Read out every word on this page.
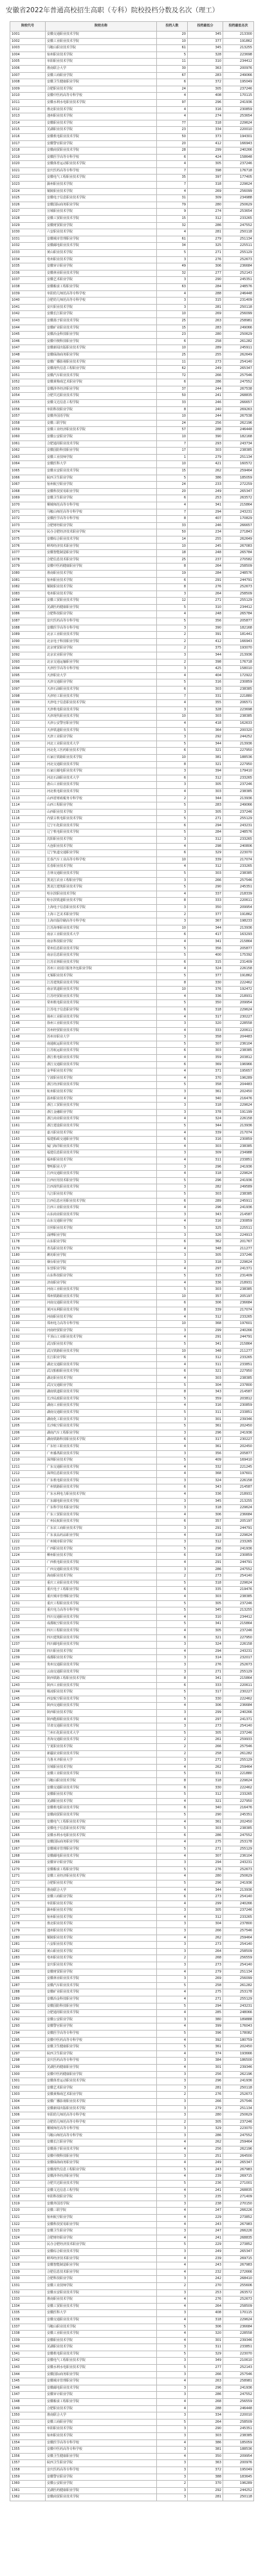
安徽省2022年普通高校招生高职（专科）院校投档分数及名次（理工）
院校代号	院校名称	投档人数	投档最低分	投档最低名次
1001	安徽交通职业技术学院	20	345	213300
1002	安徽工业职业技术学院	10	377	191862
1003	马鞍山职业技术学院	61	345	213255
1004	宿州职业技术学院	5	328	223698
1005	阜阳职业技术学院	11	310	234412
1006	淮南联合大学	30	363	200976
1007	安徽工商职业学院	67	283	249066
1008	安徽卫生健康职业学院	6	372	195049
1009	合肥职业技术学院	24	305	237246
1010	安徽中医药高等专科学校	4	408	170115
1011	安徽水利水电职业技术学院	97	296	241936
1012	淮北职业技术学院	4	316	230859
1013	池州职业技术学院	4	274	253654
1014	安徽职业技术学院	77	318	229624
1015	芜湖职业技术学院	23	334	220010
1016	安徽机电职业技术学院	50	373	194301
1017	安徽警官职业学院	20	412	166943
1018	安徽商贸职业技术学院	28	299	240266
1019	安徽医学高等专科学校	6	424	158648
1020	安徽体育运动职业技术学院	4	305	237246
1021	安庆医药高等专科学校	7	398	176718
1022	安徽电气工程职业技术学院	35	397	177405
1023	滁州职业技术学院	7	318	229624
1024	铜陵职业技术学院	4	269	256099
1025	安徽电子信息职业技术学院	31	309	234988
1026	安徽国际商务职业学院	79	280	250629
1027	宣城职业技术学院	9	274	253654
1028	安徽工贸职业技术学院	15	312	233265
1029	安徽财贸职业学院	32	286	247552
1030	六安职业技术学院	4	281	250118
1031	安徽城市管理职业学院	61	279	251134
1032	安徽邮电职业技术学院	34	325	225511
1033	黄山职业技术学院	5	271	255129
1034	亳州职业技术学院	3	276	252673
1035	安徽审计职业学院	49	306	236684
1036	安徽林业职业技术学院	32	277	252143
1037	安徽艺术职业学院	3	290	245351
1038	安徽粮食工程职业学院	63	284	248576
1039	阜阳幼儿师范高等专科学校	4	288	246448
1040	合肥幼儿师范高等专科学校	3	315	231409
1041	安庆职业技术学院	3	281	250118
1042	安徽长江职业学院	10	269	256099
1043	安徽扬子职业技术学院	25	263	258981
1044	安徽矿业职业技术学院	15	283	249066
1045	安徽冶金科技职业学院	23	280	250629
1046	安徽中澳科技职业学院	6	258	261282
1047	安徽新闻出版职业技术学院	10	289	245911
1048	安徽绿海商务职业学院	25	255	262649
1049	安徽广播影视职业技术学院	11	273	254140
1050	安徽现代信息工程职业学院	62	249	265347
1051	安徽汽车职业技术学院	72	266	257546
1052	安徽黄梅戏艺术职业学院	6	286	247552
1053	安徽涉外经济职业学院	37	244	267538
1054	合肥共达职业技术学院	50	241	268835
1055	安徽文达信息工程学院	33	246	266657
1056	阜阳科技职业学院	8	240	269263
1057	安徽外国语学院	10	244	267538
1058	安徽三联学院	24	256	262196
1059	安徽工业经济职业技术学院	57	288	246448
1060	安徽公安职业学院	10	390	182168
1061	合肥通用职业技术学院	7	293	243734
1062	安徽国防科技职业学院	17	303	238385
1063	安徽工业技师学院	1	279	251134
1064	安徽医科大学	10	421	160572
1065	安徽水安职业技术学院	15	262	259464
1066	皖西卫生职业学院	5	386	185059
1067	宿州航空职业学院	24	233	272259
1068	安徽科技贸易职业学院	20	249	265347
1069	安徽卫生职业学院	6	253	263572
1070	桐城师范高等专科学校	4	341	215864
1071	马鞍山师范高等专科学校	7	294	243231
1072	安徽医学高等专科学校	8	407	170829
1073	合肥财经职业学院	33	246	266657
1074	民办合肥经济技术职业学院	50	234	271843
1075	安徽综合职业技术学院	14	255	262649
1076	蚌埠经济技术职业学院	10	245	267083
1077	安徽智能制造职业学院	18	248	265784
1078	合肥信息技术职业学院	25	237	270582
1079	安徽中医药健康职业学院	8	264	258509
1080	淮南职业技术学院	19	284	248576
1081	宿州职业技术学院	6	291	244791
1082	铜陵职业技术学院	8	276	252673
1083	亳州职业技术学院	3	264	258509
1084	安徽工贸职业技术学院	12	271	255129
1085	芜湖医药健康职业学院	5	310	234412
1086	合肥科技职业学院	4	248	265784
1087	安庆医药高等专科学校	5	356	205877
1088	安徽医学高等专科学校	3	390	182168
1089	北京工业职业技术学院	2	391	181441
1090	北京电子科技职业学院	2	412	166943
1091	北京财贸职业学院	2	375	193070
1092	北京农业职业学院	3	344	213936
1093	北京交通运输职业学院	2	398	176718
1094	天津医学高等专科学校	3	425	158010
1095	天津职业大学	4	404	172922
1096	天津交通职业学院	5	316	230859
1097	天津石油职业技术学院	6	303	238385
1098	天津轻工职业技术学院	7	331	221880
1099	天津电子信息职业技术学院	4	355	206571
1100	天津机电职业技术学院	3	328	223698
1101	天津现代职业技术学院	10	303	238385
1102	天津公安警官职业学院	4	418	162633
1103	天津铁道职业技术学院	5	364	200320
1104	天津工业职业学院	3	292	244252
1105	河北工业职业技术大学	5	344	213936
1106	河北化工医药职业技术学院	6	321	227950
1107	石家庄铁路职业技术学院	10	381	188536
1108	河北交通职业技术学院	8	321	227950
1109	石家庄邮电职业技术学院	3	394	179410
1110	河北石油职业技术大学	6	312	233265
1111	唐山工业职业技术学院	3	305	237246
1112	河北机电职业技术学院	4	303	238385
1113	山西省财政税务专科学校	2	344	213936
1114	山西工程职业学院	5	283	249066
1115	山西职业技术学院	3	305	237246
1116	内蒙古机电职业技术学院	5	271	255129
1117	辽宁石化职业技术学院	6	294	243231
1118	辽宁机电职业技术学院	5	284	248576
1119	沈阳职业技术学院	3	312	233265
1120	大连职业技术学院	4	298	240806
1121	辽宁轨道交通职业学院	6	329	223070
1122	长春汽车工业高等专科学校	10	339	217074
1123	长春职业技术学院	4	312	233265
1124	吉林交通职业技术学院	5	303	238385
1125	黑龙江农业工程职业学院	3	266	257546
1126	黑龙江建筑职业技术学院	5	290	245351
1127	哈尔滨职业技术学院	4	337	218339
1128	哈尔滨铁道职业技术学院	8	333	220611
1129	上海电子信息职业技术学院	3	350	209954
1130	上海工艺美术职业学院	2	377	191862
1131	上海出版印刷高等专科学校	3	367	198233
1132	江苏海事职业技术学院	10	344	213936
1133	南京工业职业技术大学	6	417	163293
1134	南京科技职业学院	4	341	215864
1135	常州信息职业技术学院	5	356	205877
1136	南京信息职业技术学院	5	400	175392
1137	江苏农林职业技术学院	6	315	231409
1138	苏州工业园区服务外包职业学院	4	324	226158
1139	无锡职业技术学院	5	377	191862
1140	江苏建筑职业技术学院	8	330	222462
1141	南京铁道职业技术学院	10	376	192472
1142	江苏经贸职业技术学院	4	336	218931
1143	常州机电职业技术学院	5	350	209954
1144	江苏电子信息职业学院	6	318	229624
1145	扬州工业职业技术学院	4	317	230227
1146	徐州工业职业技术学院	3	320	228558
1147	苏州经贸职业技术学院	4	333	220611
1148	苏州市职业大学	3	358	204483
1149	南通航运职业技术学院	5	307	236104
1150	江苏航运职业技术学院	6	303	238385
1151	浙江机电职业技术学院	4	359	203812
1152	浙江交通职业技术学院	6	369	196966
1153	金华职业技术学院	4	371	195657
1154	宁波职业技术学院	4	370	196289
1155	浙江经济职业技术学院	5	358	204483
1156	杭州职业技术学院	3	361	202450
1157	温州职业技术学院	4	340	216476
1158	浙江工贸职业技术学院	3	318	229624
1159	浙江金融职业学院	3	378	191199
1160	浙江商业职业技术学院	4	324	226158
1161	浙江建设职业技术学院	5	344	213936
1162	嘉兴职业技术学院	4	339	217074
1163	福建船政交通职业学院	6	316	230859
1164	厦门海洋职业技术学院	4	303	238385
1165	福建信息职业技术学院	3	309	234988
1166	福州职业技术学院	4	311	233851
1167	黎明职业大学	3	296	241936
1168	江西交通职业技术学院	4	318	229624
1169	江西应用技术职业学院	5	296	241936
1170	江西现代职业技术学院	3	282	249589
1171	九江职业技术学院	5	303	238385
1172	江西信息应用职业技术学院	6	289	245911
1173	江西工业职业技术学院	4	296	241936
1174	山东商业职业技术学院	3	343	214587
1175	山东交通职业学院	4	316	230859
1176	日照职业技术学院	5	325	225511
1177	淄博职业学院	3	326	224913
1178	山东职业学院	6	362	201767
1179	青岛职业技术学院	4	348	211277
1180	潍坊职业学院	3	305	237246
1181	烟台职业学院	3	318	229624
1182	东营职业学院	4	297	241371
1183	山东科技职业学院	5	315	231409
1184	济南职业学院	4	336	218931
1185	河南工业职业技术学院	5	303	238385
1186	郑州铁路职业技术学院	10	357	205197
1187	河南交通职业技术学院	6	306	236684
1188	黄河水利职业技术学院	8	339	217074
1189	河南职业技术学院	4	312	233265
1190	郑州电力高等专科学校	10	368	197601
1191	河南经贸职业学院	3	299	240266
1192	平顶山工业职业技术学院	4	291	244791
1193	武汉职业技术学院	5	341	215864
1194	武汉铁路职业技术学院	10	348	211277
1195	长江职业学院	6	312	233265
1196	湖北交通职业技术学院	4	311	233851
1197	武汉船舶职业技术学院	6	321	227950
1198	湖北职业技术学院	4	303	238385
1199	武汉交通职业学院	5	304	237800
1200	湖南铁道职业技术学院	8	343	214587
1201	长沙民政职业技术学院	5	359	203812
1202	湖南工业职业技术学院	4	316	230859
1203	湖南交通职业技术学院	5	311	233851
1204	湖南化工职业技术学院	3	301	239346
1205	长沙航空职业技术学院	5	361	202450
1206	湖南汽车工程职业学院	3	296	241936
1207	湖南铁路科技职业技术学院	6	317	230227
1208	广东轻工职业技术学院	4	361	202450
1209	广州番禺职业技术学院	3	356	205877
1210	深圳职业技术学院	5	409	169410
1211	广东交通职业技术学院	4	332	221245
1212	深圳信息职业技术学院	4	368	197601
1213	广东机电职业技术学院	3	324	226158
1214	广州铁路职业技术学院	6	343	214587
1215	广东水利电力职业技术学院	4	336	218931
1216	广东邮电职业技术学院	3	345	213255
1217	广东科学技术职业学院	3	318	229624
1218	广东工贸职业技术学院	4	306	236684
1219	广州民航职业技术学院	6	357	205197
1220	广东农工商职业技术学院	3	291	244791
1221	广东食品药品职业学院	4	318	229624
1222	广州城市职业学院	3	312	233265
1223	广西职业技术学院	5	296	241936
1224	柳州职业技术学院	6	316	230859
1225	广西机电职业技术学院	4	291	244791
1226	广西交通职业技术学院	3	286	247552
1227	海南职业技术学院	2	273	254140
1228	重庆工业职业技术学院	5	318	229624
1229	重庆电子工程职业学院	6	335	219476
1230	重庆城市管理职业学院	4	303	238385
1231	重庆工程职业技术学院	5	305	237246
1232	重庆电力高等专科学校	5	345	213255
1233	四川交通职业技术学院	4	310	234412
1234	成都航空职业技术学院	5	341	215864
1235	四川工程职业技术学院	4	305	237246
1236	四川建筑职业技术学院	6	321	227950
1237	四川邮电职业技术学院	3	324	226158
1238	四川职业技术学院	4	294	243231
1239	成都职业技术学院	3	314	232017
1240	贵州交通职业技术学院	3	276	252673
1241	云南交通职业技术学院	3	271	255129
1242	陕西铁路工程职业技术学院	8	341	215864
1243	陕西工业职业技术学院	6	333	220611
1244	杨凌职业技术学院	5	317	230227
1245	西安航空职业技术学院	5	330	222462
1246	陕西交通职业技术学院	4	306	236684
1247	陕西职业技术学院	3	299	240266
1248	陕西能源职业技术学院	4	297	241371
1249	甘肃交通职业技术学院	3	273	254140
1250	兰州石化职业技术大学	5	305	237246
1251	青海交通职业技术学院	2	261	259933
1252	宁夏职业技术学院	2	266	257546
1253	新疆农业职业技术学院	2	258	261282
1254	乌鲁木齐职业大学	3	271	255129
1255	宣城职业技术学院	4	262	259464
1256	安徽工业职业技术学院	5	331	221880
1257	马鞍山职业技术学院	8	318	229624
1258	安徽交通职业技术学院	6	330	222462
1259	安徽职业技术学院	5	312	233265
1260	芜湖职业技术学院	4	321	227950
1261	安徽机电职业技术学院	6	340	216476
1262	安徽商贸职业技术学院	5	290	245351
1263	安徽电气工程职业技术学院	4	361	202450
1264	安徽电子信息职业技术学院	5	303	238385
1265	安徽水利水电职业技术学院	6	286	247552
1266	安徽国际商务职业学院	4	275	253178
1267	安徽城市管理职业学院	5	271	255129
1268	安徽邮电职业技术学院	4	307	236104
1269	安徽审计职业学院	3	294	243231
1270	安徽粮食工程职业学院	5	276	252673
1271	安徽工业经济职业技术学院	4	280	250629
1272	合肥职业技术学院	5	296	241936
1273	淮南联合大学	4	344	213936
1274	安徽工商职业学院	6	273	254140
1275	阜阳职业技术学院	4	299	240266
1276	滁州职业技术学院	3	305	237246
1277	宿州职业技术学院	4	312	233265
1278	淮北职业技术学院	3	304	237800
1279	池州职业技术学院	3	266	257546
1280	铜陵职业技术学院	4	262	259464
1281	六安职业技术学院	3	273	254140
1282	黄山职业技术学院	3	264	258509
1283	亳州职业技术学院	2	268	256559
1284	安庆职业技术学院	3	273	254140
1285	安徽财贸职业学院	4	279	251134
1286	安徽林业职业技术学院	3	269	256099
1287	安徽汽车职业技术学院	5	258	261282
1288	安徽矿业职业技术学院	4	275	253178
1289	安徽冶金科技职业学院	4	271	255129
1290	安徽国防科技职业学院	5	294	243231
1291	合肥通用职业技术学院	4	285	248066
1292	安徽公安职业学院	3	380	189888
1293	安徽警官职业学院	4	399	176043
1294	安徽医学高等专科学校	5	396	178082
1295	安徽中医药高等专科学校	4	392	180759
1296	安徽卫生健康职业学院	5	361	202450
1297	皖西卫生职业学院	4	374	193666
1298	安庆医药高等专科学校	3	384	186500
1299	芜湖医药健康职业学院	4	301	239346
1300	安徽中医药健康职业学院	3	256	262196
1301	安徽体育运动职业技术学院	3	296	241936
1302	安徽艺术职业学院	3	281	250118
1303	安徽黄梅戏艺术职业学院	2	276	252673
1304	安徽广播影视职业技术学院	3	266	257546
1305	安徽新闻出版职业技术学院	3	279	251134
1306	阜阳幼儿师范高等专科学校	3	280	250629
1307	合肥幼儿师范高等专科学校	2	305	237246
1308	桐城师范高等专科学校	3	329	223070
1309	马鞍山师范高等专科学校	3	286	247552
1310	安徽长江职业学院	4	262	259464
1311	安徽扬子职业技术学院	4	256	262196
1312	安徽中澳科技职业学院	3	251	264500
1313	安徽绿海商务职业学院	4	249	265347
1314	安徽现代信息工程职业学院	5	243	267983
1315	安徽涉外经济职业学院	4	239	269715
1316	合肥共达职业技术学院	5	236	271001
1317	安徽文达信息工程学院	4	241	268835
1318	阜阳科技职业学院	3	235	271409
1319	安徽外国语学院	3	238	270150
1320	安徽三联学院	4	247	266226
1321	宿州航空职业学院	4	229	273852
1322	安徽科技贸易职业学院	4	243	267983
1323	安徽卫生职业学院	3	247	266226
1324	合肥财经职业学院	4	241	268835
1325	民办合肥经济技术职业学院	5	229	273852
1326	安徽综合职业技术学院	3	249	265347
1327	蚌埠经济技术职业学院	4	239	269715
1328	安徽智能制造职业学院	4	243	267983
1329	合肥信息技术职业学院	4	232	272666
1330	合肥科技职业学院	3	242	268410
1331	安徽工业技师学院	2	270	255606
1332	安徽水安职业技术学院	3	253	263572
1333	淮南职业技术学院	4	276	252673
1334	安徽工贸职业技术学院	4	264	258509
1335	安徽医科大学	3	408	170115
1336	安徽交通职业技术学院	4	318	229624
1337	马鞍山职业技术学院	5	306	236684
1338	安徽工业职业技术学院	4	320	228558
1339	安徽职业技术学院	4	301	239346
1340	芜湖职业技术学院	3	311	233851
1341	安徽机电职业技术学院	5	329	223070
1342	安徽电气工程职业技术学院	3	349	210610
1343	安徽水利水电职业技术学院	5	277	252143
1344	安徽国际商务职业学院	3	266	257546
1345	安徽城市管理职业学院	4	263	258981
1346	安徽邮电职业技术学院	3	296	241936
1347	安徽审计职业学院	3	286	247552
1348	安徽粮食工程职业学院	4	268	256559
1349	合肥职业技术学院	4	288	246448
1350	淮南联合大学	3	334	220010
1351	安徽工商职业学院	5	264	258509
1352	阜阳职业技术学院	3	290	245351
1353	宿州职业技术学院	3	303	238385
1354	安徽医学高等专科学校	4	386	185059
1355	安徽中医药高等专科学校	3	381	188536
1356	安徽卫生健康职业学院	4	350	209954
1357	皖西卫生职业学院	3	363	200976
1358	安庆医药高等专科学校	3	372	195049
1359	安徽警官职业学院	3	388	183645
1360	安徽公安职业学院	2	370	196289
1361	芜湖医药健康职业学院	3	292	244252
1362	安徽商贸职业技术学院	3	281	250118
